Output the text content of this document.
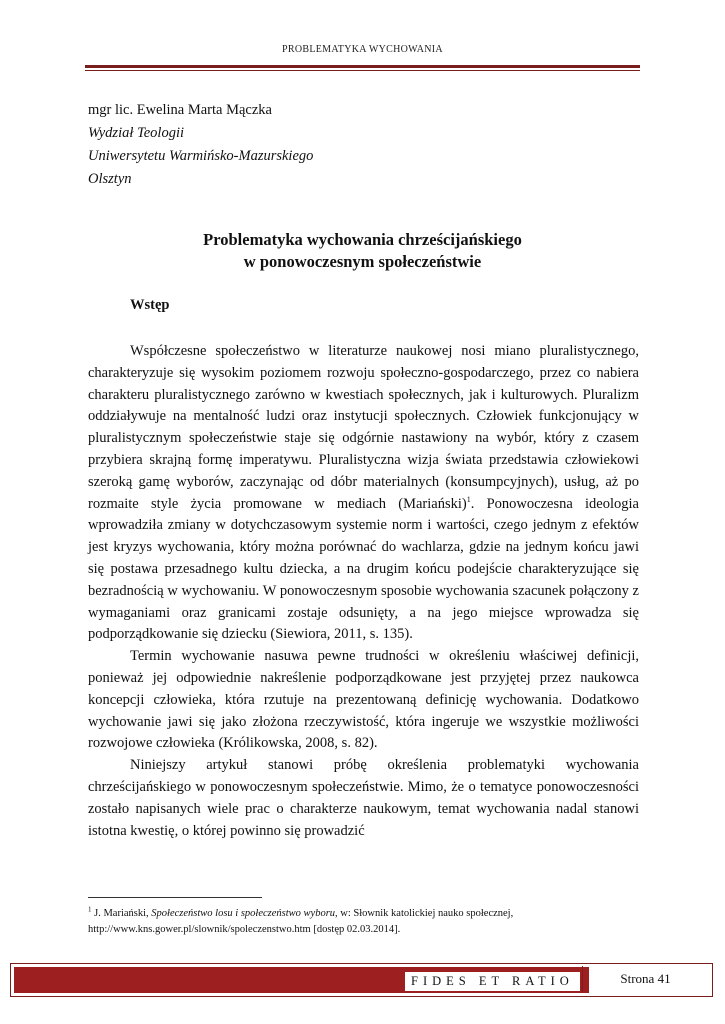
PROBLEMATYKA WYCHOWANIA
mgr lic. Ewelina Marta Mączka
Wydział Teologii
Uniwersytetu Warmińsko-Mazurskiego
Olsztyn
Problematyka wychowania chrześcijańskiego
w ponowoczesnym społeczeństwie
Wstęp

Współczesne społeczeństwo w literaturze naukowej nosi miano pluralistycznego, charakteryzuje się wysokim poziomem rozwoju społeczno-gospodarczego, przez co nabiera charakteru pluralistycznego zarówno w kwestiach społecznych, jak i kulturowych. Pluralizm oddziaływuje na mentalność ludzi oraz instytucji społecznych. Człowiek funkcjonujący w pluralistycznym społeczeństwie staje się odgórnie nastawiony na wybór, który z czasem przybiera skrajną formę imperatywu. Pluralistyczna wizja świata przedstawia człowiekowi szeroką gamę wyborów, zaczynając od dóbr materialnych (konsumpcyjnych), usług, aż po rozmaite style życia promowane w mediach (Mariański)$^1$. Ponowoczesna ideologia wprowadziła zmiany w dotychczasowym systemie norm i wartości, czego jednym z efektów jest kryzys wychowania, który można porównać do wachlarza, gdzie na jednym końcu jawi się postawa przesadnego kultu dziecka, a na drugim końcu podejście charakteryzujące się bezradnością w wychowaniu. W ponowoczesnym sposobie wychowania szacunek połączony z wymaganiami oraz granicami zostaje odsunięty, a na jego miejsce wprowadza się podporządkowanie się dziecku (Siewiora, 2011, s. 135).

Termin wychowanie nasuwa pewne trudności w określeniu właściwej definicji, ponieważ jej odpowiednie nakreślenie podporządkowane jest przyjętej przez naukowca koncepcji człowieka, która rzutuje na prezentowaną definicję wychowania. Dodatkowo wychowanie jawi się jako złożona rzeczywistość, która ingeruje we wszystkie możliwości rozwojowe człowieka (Królikowska, 2008, s. 82).

Niniejszy artykuł stanowi próbę określenia problematyki wychowania chrześcijańskiego w ponowoczesnym społeczeństwie. Mimo, że o tematyce ponowoczesności zostało napisanych wiele prac o charakterze naukowym, temat wychowania nadal stanowi istotna kwestię, o której powinno się prowadzić

$^1$ J. Mariański, Społeczeństwo losu i społeczeństwo wyboru, w: Słownik katolickiej nauko społecznej, http://www.kns.gower.pl/slownik/spoleczenstwo.htm [dostęp 02.03.2014].
FIDES ET RATIO	Strona 41
